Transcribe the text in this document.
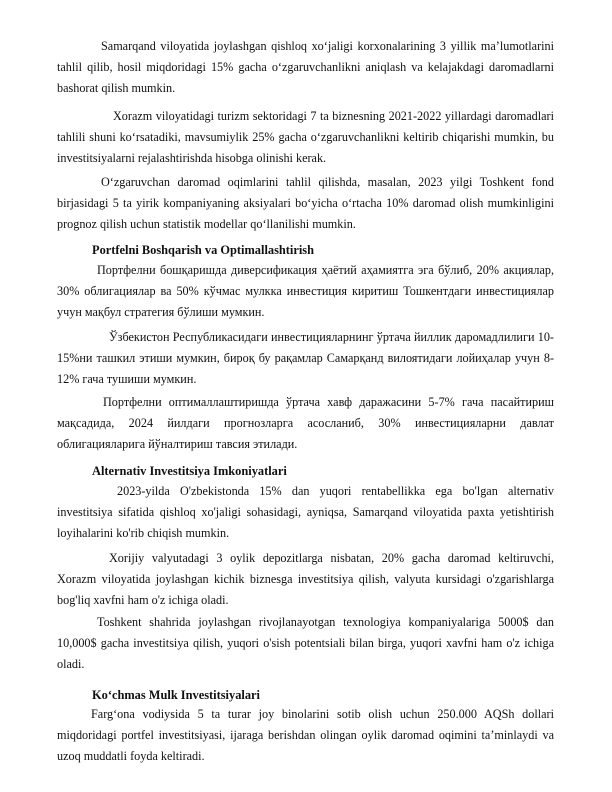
Samarqand viloyatida joylashgan qishloq xo‘jaligi korxonalarining 3 yillik ma’lumotlarini tahlil qilib, hosil miqdoridagi 15% gacha o‘zgaruvchanlikni aniqlash va kelajakdagi daromadlarni bashorat qilish mumkin.

Xorazm viloyatidagi turizm sektoridagi 7 ta biznesning 2021-2022 yillardagi daromadlari tahlili shuni ko‘rsatadiki, mavsumiylik 25% gacha o‘zgaruvchanlikni keltirib chiqarishi mumkin, bu investitsiyalarni rejalashtirishda hisobga olinishi kerak.

O‘zgaruvchan daromad oqimlarini tahlil qilishda, masalan, 2023 yilgi Toshkent fond birjasidagi 5 ta yirik kompaniyaning aksiyalari bo‘yicha o‘rtacha 10% daromad olish mumkinligini prognoz qilish uchun statistik modellar qo‘llanilishi mumkin.

Portfelni Boshqarish va Optimallashtirish

Портфелни бошқаришда диверсификация ҳаётий аҳамиятга эга бўлиб, 20% акциялар, 30% облигациялар ва 50% кўчмас мулкка инвестиция киритиш Тошкентдаги инвестициялар учун мақбул стратегия бўлиши мумкин.

Ўзбекистон Республикасидаги инвестицияларнинг ўртача йиллик даромадлилиги 10-15%ни ташкил этиши мумкин, бироқ бу рақамлар Самарқанд вилоятидаги лойиҳалар учун 8-12% гача тушиши мумкин.

Портфелни оптималлаштиришда ўртача хавф даражасини 5-7% гача пасайтириш мақсадида, 2024 йилдаги прогнозларга асосланиб, 30% инвестицияларни давлат облигацияларига йўналтириш тавсия этилади.

Alternativ Investitsiya Imkoniyatlari

2023-yilda O'zbekistonda 15% dan yuqori rentabellikka ega bo'lgan alternativ investitsiya sifatida qishloq xo'jaligi sohasidagi, ayniqsa, Samarqand viloyatida paxta yetishtirish loyihalarini ko'rib chiqish mumkin.

Xorijiy valyutadagi 3 oylik depozitlarga nisbatan, 20% gacha daromad keltiruvchi, Xorazm viloyatida joylashgan kichik biznesga investitsiya qilish, valyuta kursidagi o'zgarishlarga bog'liq xavfni ham o'z ichiga oladi.

Toshkent shahrida joylashgan rivojlanayotgan texnologiya kompaniyalariga 5000$ dan 10,000$ gacha investitsiya qilish, yuqori o'sish potentsiali bilan birga, yuqori xavfni ham o'z ichiga oladi.

Ko‘chmas Mulk Investitsiyalari

Farg‘ona vodiysida 5 ta turar joy binolarini sotib olish uchun 250.000 AQSh dollari miqdoridagi portfel investitsiyasi, ijaraga berishdan olingan oylik daromad oqimini ta’minlaydi va uzoq muddatli foyda keltiradi.
